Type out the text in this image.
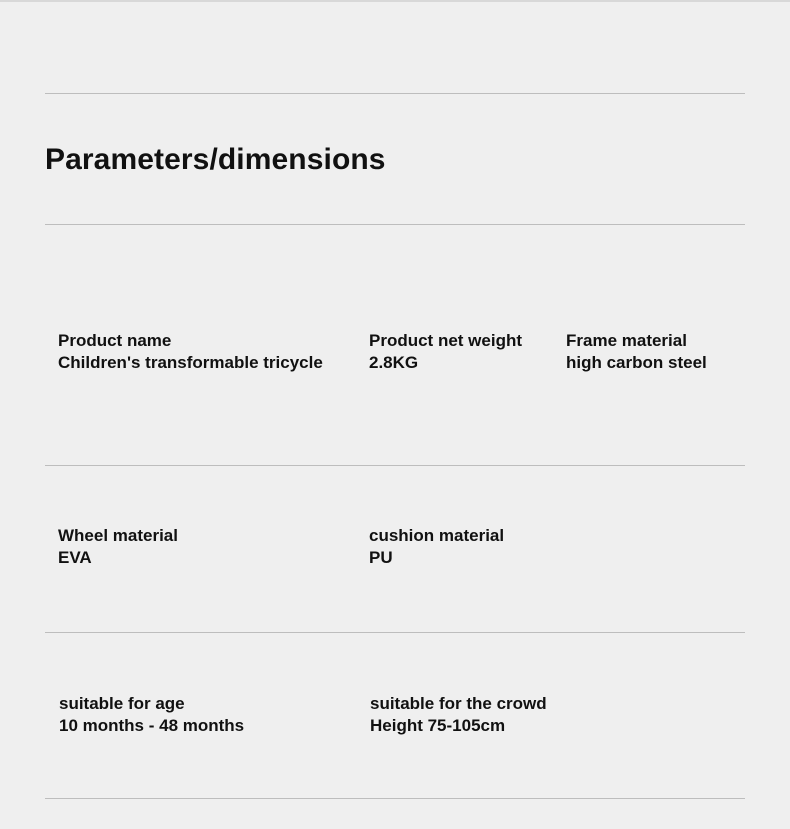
Parameters/dimensions
Product name
Children's transformable tricycle
Product net weight
2.8KG
Frame material
high carbon steel
Wheel material
EVA
cushion material
PU
suitable for age
10 months - 48 months
suitable for the crowd
Height 75-105cm
